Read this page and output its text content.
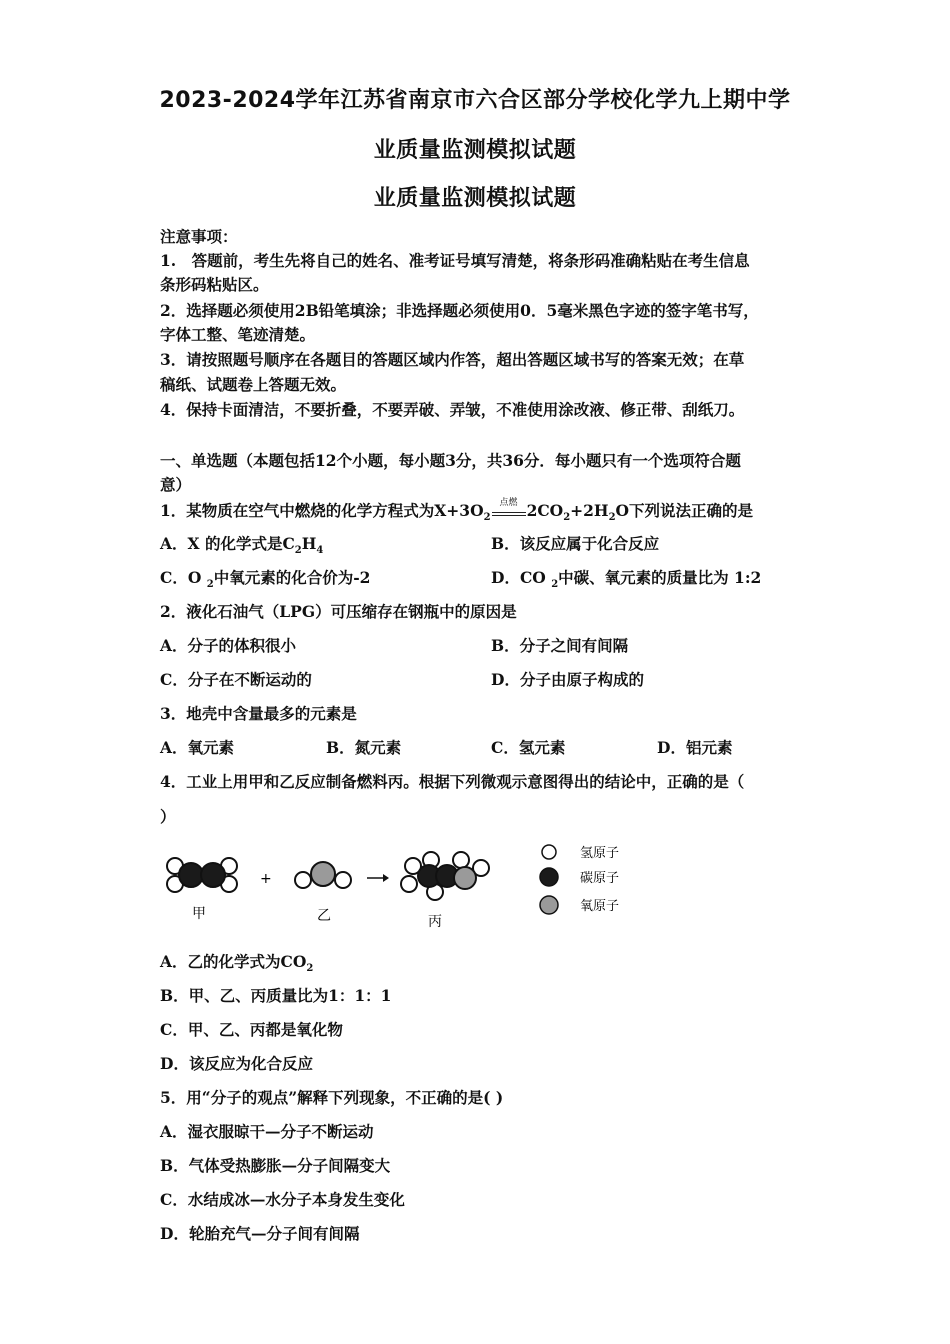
2023-2024学年江苏省南京市六合区部分学校化学九上期中学
业质量监测模拟试题
业质量监测模拟试题
注意事项：
1.　答题前，考生先将自己的姓名、准考证号填写清楚，将条形码准确粘贴在考生信息
条形码粘贴区。
2．选择题必须使用2B铅笔填涂；非选择题必须使用0．5毫米黑色字迹的签字笔书写，
字体工整、笔迹清楚。
3．请按照题号顺序在各题目的答题区域内作答，超出答题区域书写的答案无效；在草
稿纸、试题卷上答题无效。
4．保持卡面清洁，不要折叠，不要弄破、弄皱，不准使用涂改液、修正带、刮纸刀。
一、单选题（本题包括12个小题，每小题3分，共36分．每小题只有一个选项符合题
意）
1．某物质在空气中燃烧的化学方程式为$X+3O_2$
点燃 $2CO_2+2H_2O$下列说法正确的是
A．X 的化学式是$C_2H_4$	B．该反应属于化合反应
C．O $_2$中氧元素的化合价为-2	D．CO $_2$中碳、氧元素的质量比为 1:2
2．液化石油气（LPG）可压缩存在钢瓶中的原因是
A．分子的体积很小	B．分子之间有间隔
C．分子在不断运动的	D．分子由原子构成的
3．地壳中含量最多的元素是
A．氧元素	B．氮元素	C．氢元素	D．铝元素
4．工业上用甲和乙反应制备燃料丙。根据下列微观示意图得出的结论中，正确的是（
）
甲
+
乙	丙
氢原子
碳原子
氧原子
A．乙的化学式为$CO_2$
B．甲、乙、丙质量比为1：1：1
C．甲、乙、丙都是氧化物
D．该反应为化合反应
5．用“分子的观点”解释下列现象，不正确的是( )
A．湿衣服晾干—分子不断运动
B．气体受热膨胀—分子间隔变大
C．水结成冰—水分子本身发生变化
D．轮胎充气—分子间有间隔
